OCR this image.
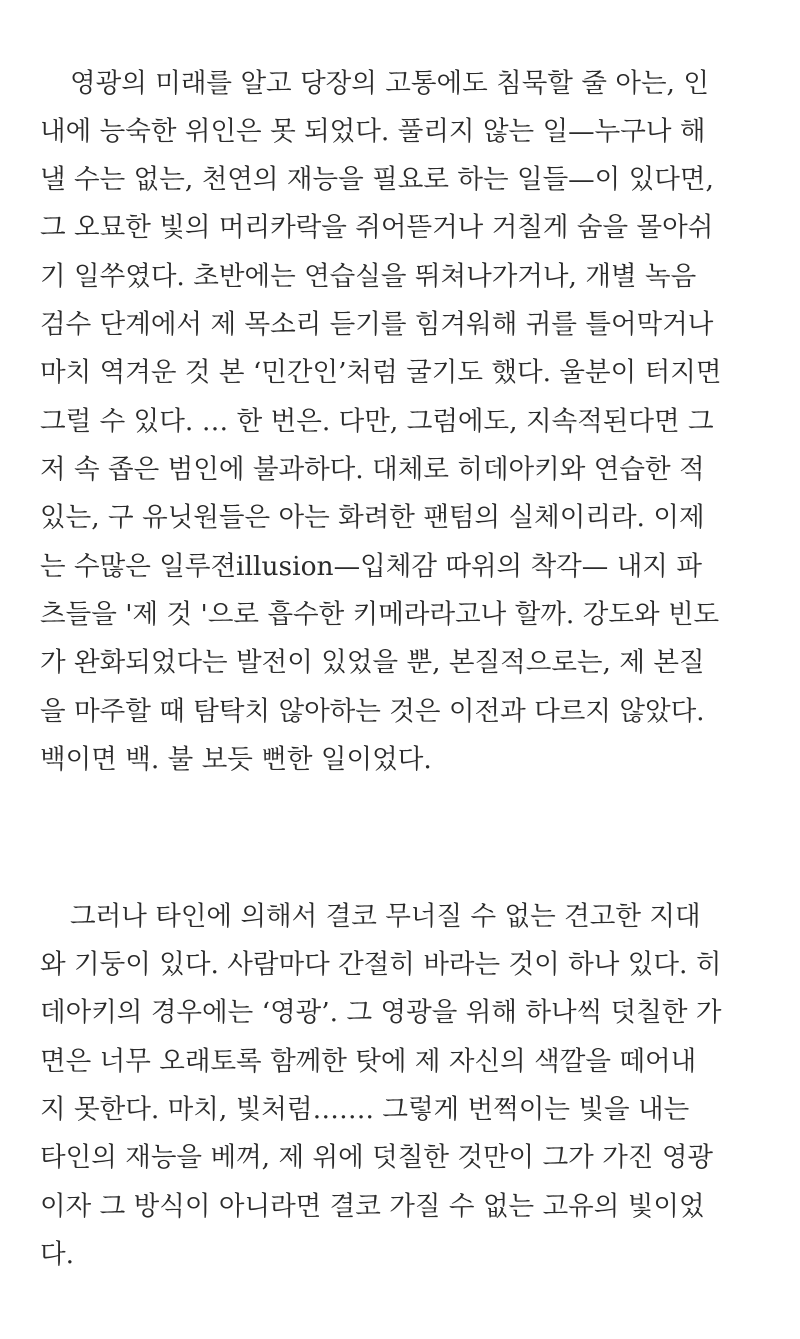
영광의 미래를 알고 당장의 고통에도 침묵할 줄 아는, 인
내에 능숙한 위인은 못 되었다. 풀리지 않는 일—누구나 해
낼 수는 없는, 천연의 재능을 필요로 하는 일들—이 있다면,
그 오묘한 빛의 머리카락을 쥐어뜯거나 거칠게 숨을 몰아쉬
기 일쑤였다. 초반에는 연습실을 뛰쳐나가거나, 개별 녹음
검수 단계에서 제 목소리 듣기를 힘겨워해 귀를 틀어막거나
마치 역겨운 것 본 ‘민간인’처럼 굴기도 했다. 울분이 터지면
그럴 수 있다. … 한 번은. 다만, 그럼에도, 지속적된다면 그
저 속 좁은 범인에 불과하다. 대체로 히데아키와 연습한 적
있는, 구 유닛원들은 아는 화려한 팬텀의 실체이리라. 이제
는 수많은 일루젼illusion—입체감 따위의 착각— 내지 파
츠들을 '제 것 '으로 흡수한 키메라라고나 할까. 강도와 빈도
가 완화되었다는 발전이 있었을 뿐, 본질적으로는, 제 본질
을 마주할 때 탐탁치 않아하는 것은 이전과 다르지 않았다.
백이면 백. 불 보듯 뻔한 일이었다.
그러나 타인에 의해서 결코 무너질 수 없는 견고한 지대
와 기둥이 있다. 사람마다 간절히 바라는 것이 하나 있다. 히
데아키의 경우에는 ‘영광’. 그 영광을 위해 하나씩 덧칠한 가
면은 너무 오래토록 함께한 탓에 제 자신의 색깔을 떼어내
지 못한다. 마치, 빛처럼……. 그렇게 번쩍이는 빛을 내는
타인의 재능을 베껴, 제 위에 덧칠한 것만이 그가 가진 영광
이자 그 방식이 아니라면 결코 가질 수 없는 고유의 빛이었
다.
